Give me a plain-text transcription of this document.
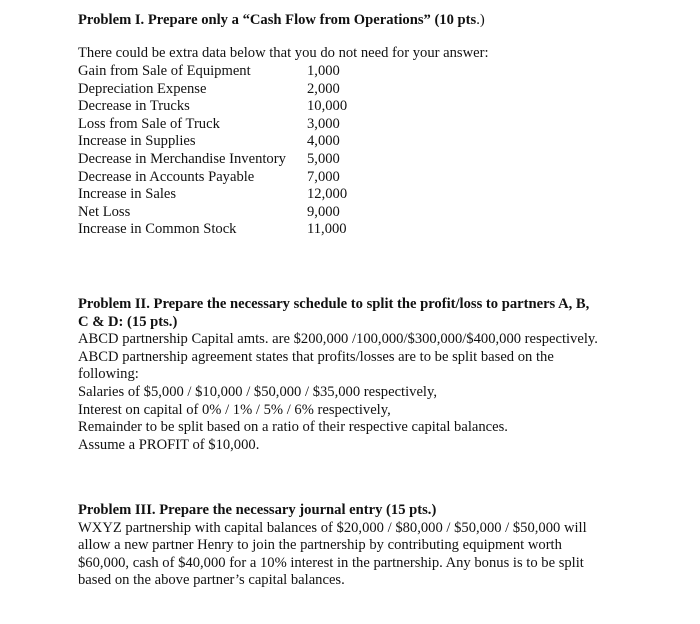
Problem I. Prepare only a “Cash Flow from Operations” (10 pts.)
There could be extra data below that you do not need for your answer:
Gain from Sale of Equipment	1,000
Depreciation Expense	2,000
Decrease in Trucks	10,000
Loss from Sale of Truck	3,000
Increase in Supplies	4,000
Decrease in Merchandise Inventory 5,000
Decrease in Accounts Payable	7,000
Increase in Sales	12,000
Net Loss	9,000
Increase in Common Stock	11,000
Problem II. Prepare the necessary schedule to split the profit/loss to partners A, B,
C & D: (15 pts.)
ABCD partnership Capital amts. are $200,000 /100,000/$300,000/$400,000 respectively.
ABCD partnership agreement states that profits/losses are to be split based on the
following:
Salaries of $5,000 / $10,000 / $50,000 / $35,000 respectively,
Interest on capital of 0% / 1% / 5% / 6% respectively,
Remainder to be split based on a ratio of their respective capital balances.
Assume a PROFIT of $10,000.
Problem III. Prepare the necessary journal entry (15 pts.)
WXYZ partnership with capital balances of $20,000 / $80,000 / $50,000 / $50,000 will
allow a new partner Henry to join the partnership by contributing equipment worth
$60,000, cash of $40,000 for a 10% interest in the partnership. Any bonus is to be split
based on the above partner’s capital balances.
